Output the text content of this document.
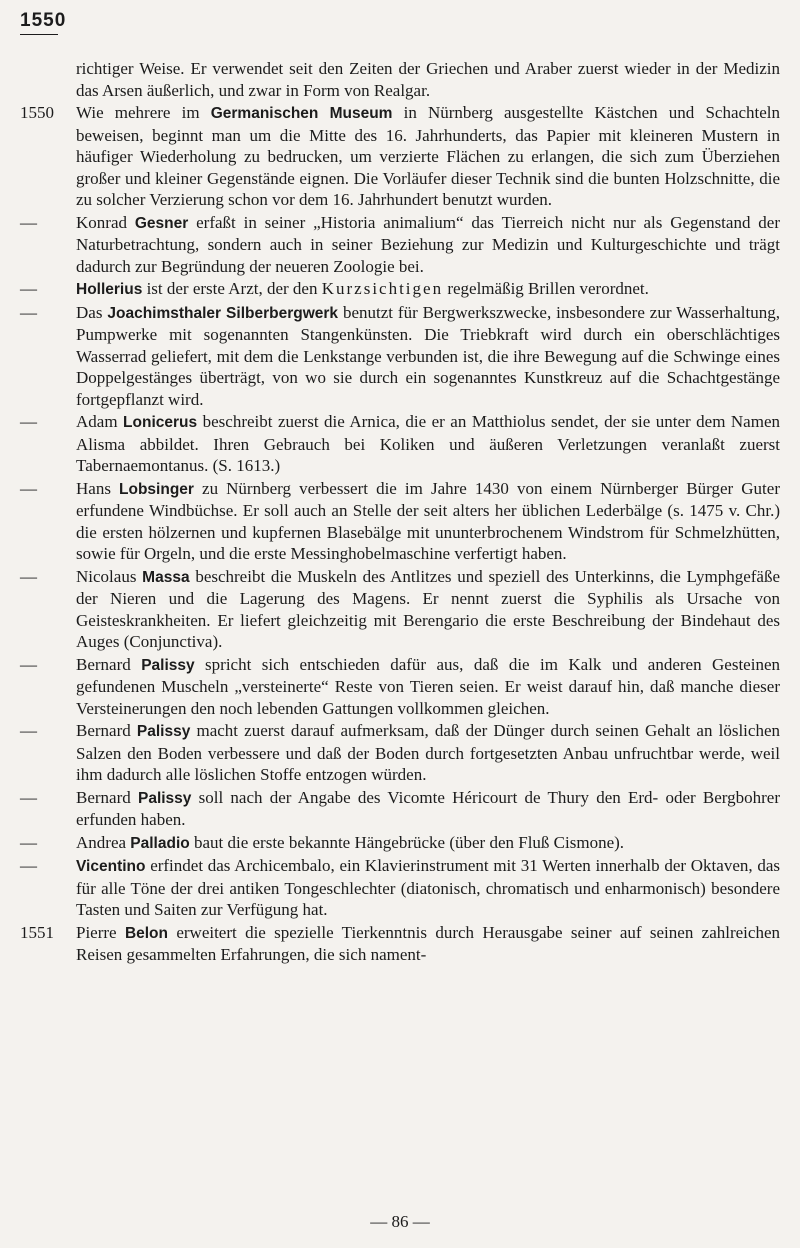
1550
richtiger Weise. Er verwendet seit den Zeiten der Griechen und Araber zuerst wieder in der Medizin das Arsen äußerlich, und zwar in Form von Realgar.
1550	Wie mehrere im Germanischen Museum in Nürnberg ausgestellte Kästchen und Schachteln beweisen, beginnt man um die Mitte des 16. Jahrhunderts, das Papier mit kleineren Mustern in häufiger Wiederholung zu bedrucken, um verzierte Flächen zu erlangen, die sich zum Überziehen großer und kleiner Gegenstände eignen. Die Vorläufer dieser Technik sind die bunten Holzschnitte, die zu solcher Verzierung schon vor dem 16. Jahrhundert benutzt wurden.
—	Konrad Gesner erfaßt in seiner „Historia animalium“ das Tierreich nicht nur als Gegenstand der Naturbetrachtung, sondern auch in seiner Beziehung zur Medizin und Kulturgeschichte und trägt dadurch zur Begründung der neueren Zoologie bei.
—	Hollerius ist der erste Arzt, der den Kurzsichtigen regelmäßig Brillen verordnet.
—	Das Joachimsthaler Silberbergwerk benutzt für Bergwerkszwecke, insbesondere zur Wasserhaltung, Pumpwerke mit sogenannten Stangenkünsten. Die Triebkraft wird durch ein oberschlächtiges Wasserrad geliefert, mit dem die Lenkstange verbunden ist, die ihre Bewegung auf die Schwinge eines Doppelgestänges überträgt, von wo sie durch ein sogenanntes Kunstkreuz auf die Schachtgestänge fortgepflanzt wird.
—	Adam Lonicerus beschreibt zuerst die Arnica, die er an Matthiolus sendet, der sie unter dem Namen Alisma abbildet. Ihren Gebrauch bei Koliken und äußeren Verletzungen veranlaßt zuerst Tabernaemontanus. (S. 1613.)
—	Hans Lobsinger zu Nürnberg verbessert die im Jahre 1430 von einem Nürnberger Bürger Guter erfundene Windbüchse. Er soll auch an Stelle der seit alters her üblichen Lederbälge (s. 1475 v. Chr.) die ersten hölzernen und kupfernen Blasebälge mit ununterbrochenem Windstrom für Schmelzhütten, sowie für Orgeln, und die erste Messinghobelmaschine verfertigt haben.
—	Nicolaus Massa beschreibt die Muskeln des Antlitzes und speziell des Unterkinns, die Lymphgefäße der Nieren und die Lagerung des Magens. Er nennt zuerst die Syphilis als Ursache von Geisteskrankheiten. Er liefert gleichzeitig mit Berengario die erste Beschreibung der Bindehaut des Auges (Conjunctiva).
—	Bernard Palissy spricht sich entschieden dafür aus, daß die im Kalk und anderen Gesteinen gefundenen Muscheln „versteinerte“ Reste von Tieren seien. Er weist darauf hin, daß manche dieser Versteinerungen den noch lebenden Gattungen vollkommen gleichen.
—	Bernard Palissy macht zuerst darauf aufmerksam, daß der Dünger durch seinen Gehalt an löslichen Salzen den Boden verbessere und daß der Boden durch fortgesetzten Anbau unfruchtbar werde, weil ihm dadurch alle löslichen Stoffe entzogen würden.
—	Bernard Palissy soll nach der Angabe des Vicomte Héricourt de Thury den Erd- oder Bergbohrer erfunden haben.
—	Andrea Palladio baut die erste bekannte Hängebrücke (über den Fluß Cismone).
—	Vicentino erfindet das Archicembalo, ein Klavierinstrument mit 31 Werten innerhalb der Oktaven, das für alle Töne der drei antiken Tongeschlechter (diatonisch, chromatisch und enharmonisch) besondere Tasten und Saiten zur Verfügung hat.
1551	Pierre Belon erweitert die spezielle Tierkenntnis durch Herausgabe seiner auf seinen zahlreichen Reisen gesammelten Erfahrungen, die sich nament-
— 86 —
